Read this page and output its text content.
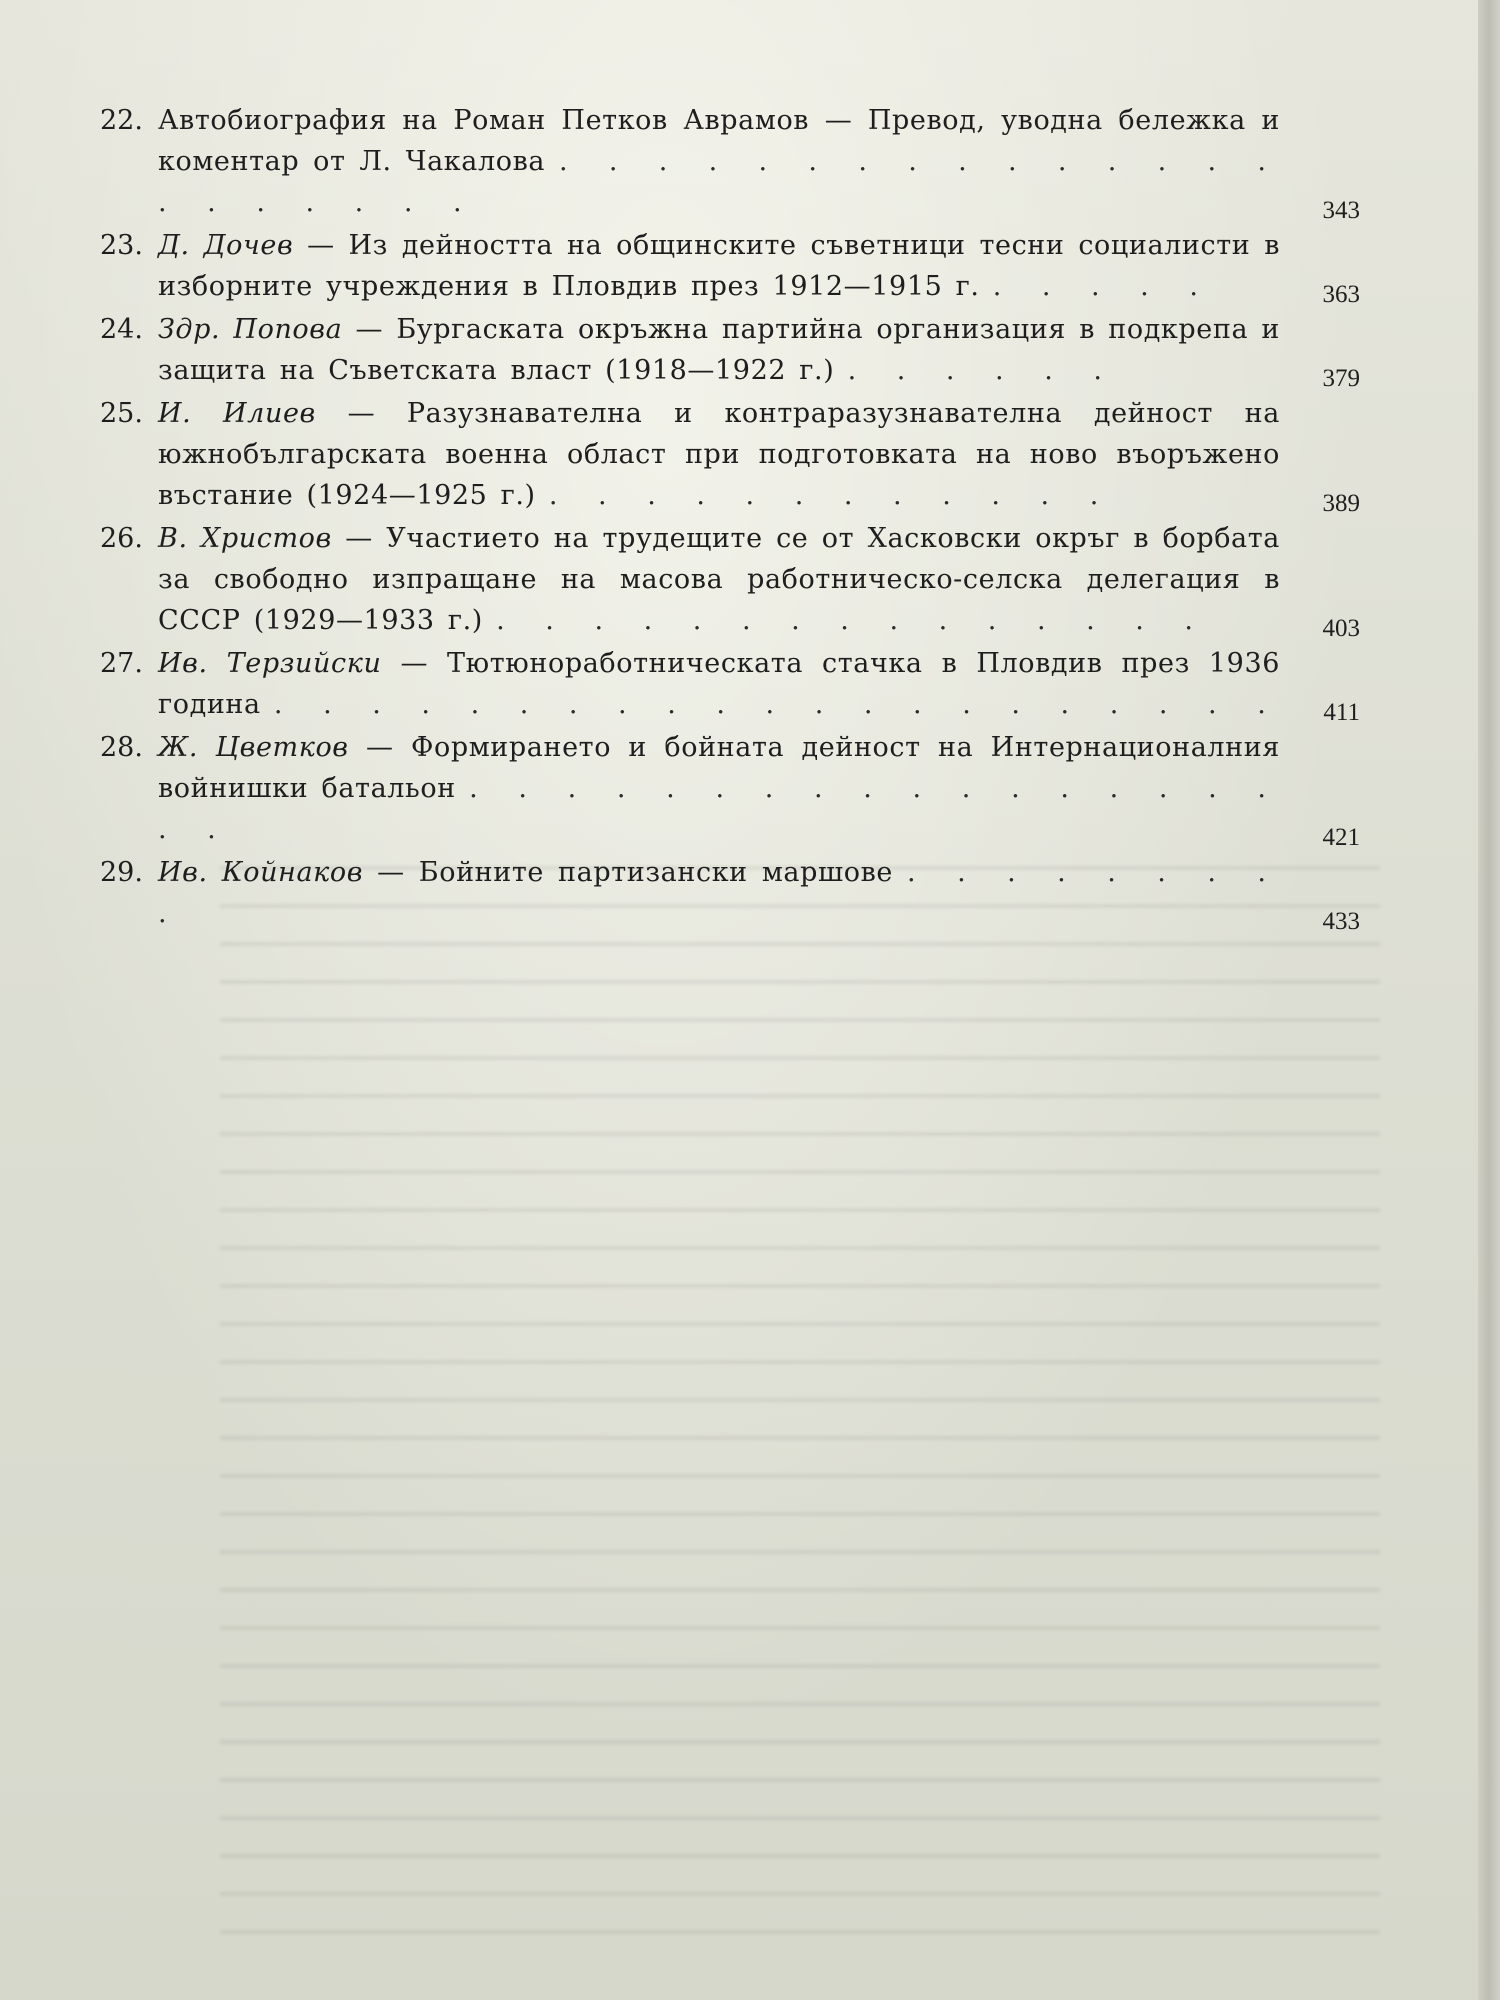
22. Автобиография на Роман Петков Аврамов — Превод, уводна бележка и коментар от Л. Чакалова . . . . . . . . . . . . . . . . . . . . . .	343
23. Д. Дочев — Из дейността на общинските съветници тесни социалисти в изборните учреждения в Пловдив през 1912—1915 г. . . . . .	363
24. Здр. Попова — Бургаската окръжна партийна организация в подкрепа и защита на Съветската власт (1918—1922 г.) . . . . . .	379
25. И. Илиев — Разузнавателна и контраразузнавателна дейност на южнобългарската военна област при подготовката на ново въоръжено въстание (1924—1925 г.) . . . . . . . . . . . .	389
26. В. Христов — Участието на трудещите се от Хасковски окръг в борбата за свободно изпращане на масова работническо-селска делегация в СССР (1929—1933 г.) . . . . . . . . . . . . . . .	403
27. Ив. Терзийски — Тютюноработническата стачка в Пловдив през 1936 година . . . . . . . . . . . . . . . . . . . . .	411
28. Ж. Цветков — Формирането и бойната дейност на Интернационалния войнишки батальон . . . . . . . . . . . . . . . . . . .	421
29. Ив. Койнаков — Бойните партизански маршове . . . . . . . . .	433
